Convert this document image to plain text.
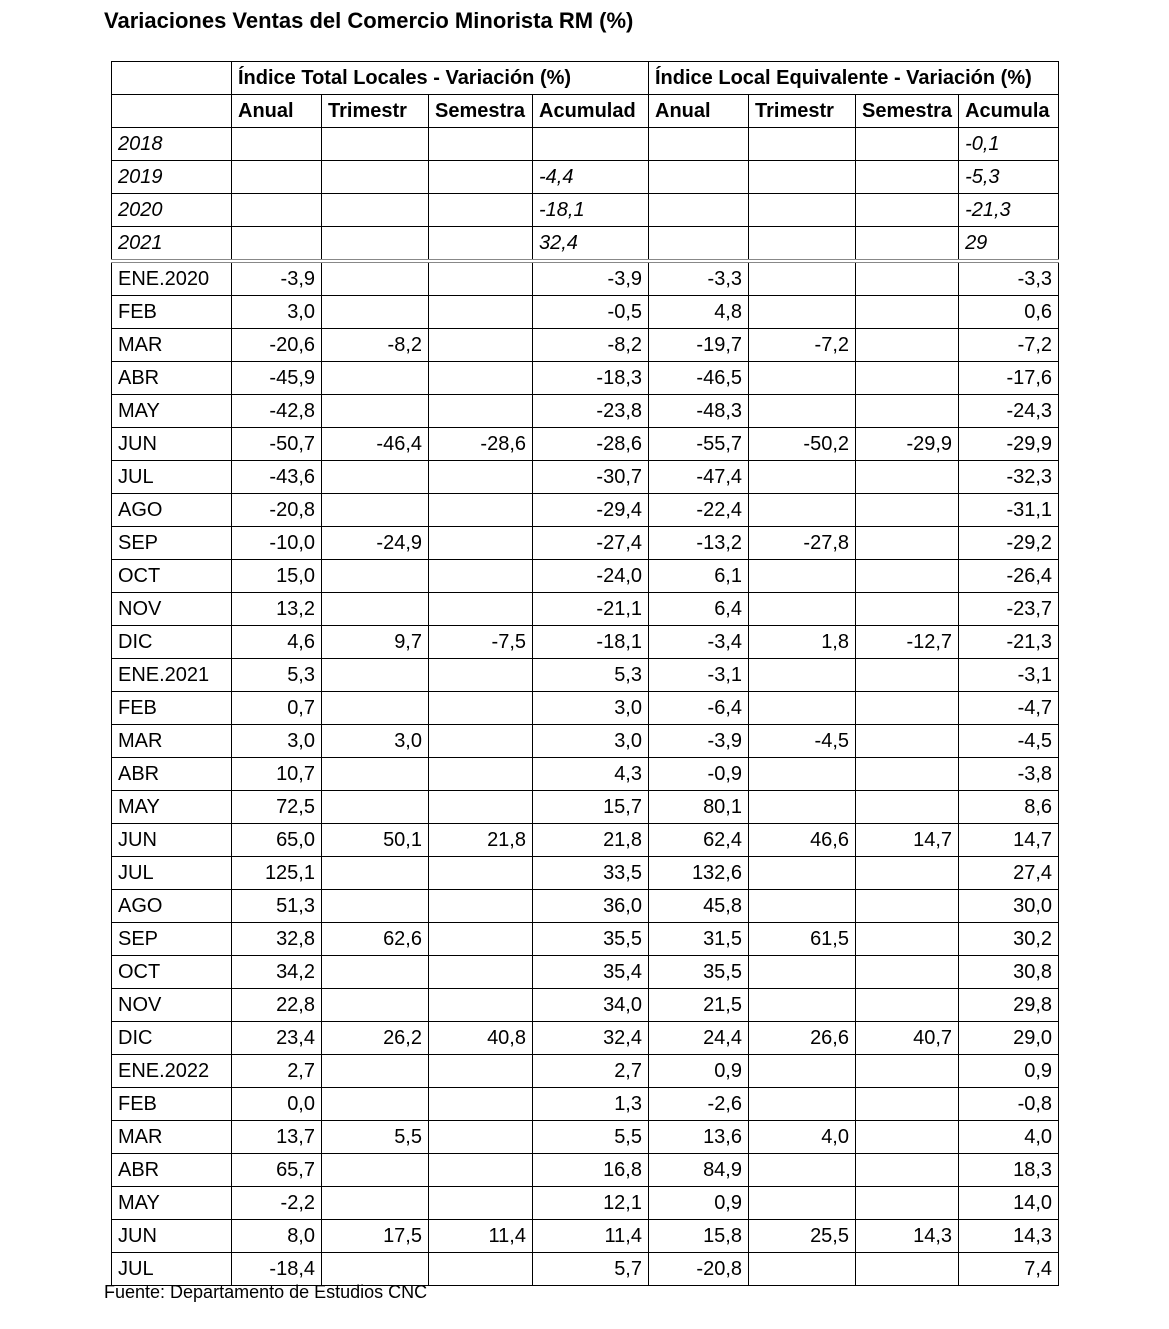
Variaciones Ventas del Comercio Minorista RM (%)
	Índice Total Locales - Variación (%)				Índice Local Equivalente - Variación (%)			
	Anual	Trimestr	Semestra	Acumulad	Anual	Trimestr	Semestra	Acumula
2018								-0,1
2019				-4,4				-5,3
2020				-18,1				-21,3
2021				32,4				29
ENE.2020	-3,9			-3,9	-3,3			-3,3
FEB	3,0			-0,5	4,8			0,6
MAR	-20,6	-8,2		-8,2	-19,7	-7,2		-7,2
ABR	-45,9			-18,3	-46,5			-17,6
MAY	-42,8			-23,8	-48,3			-24,3
JUN	-50,7	-46,4	-28,6	-28,6	-55,7	-50,2	-29,9	-29,9
JUL	-43,6			-30,7	-47,4			-32,3
AGO	-20,8			-29,4	-22,4			-31,1
SEP	-10,0	-24,9		-27,4	-13,2	-27,8		-29,2
OCT	15,0			-24,0	6,1			-26,4
NOV	13,2			-21,1	6,4			-23,7
DIC	4,6	9,7	-7,5	-18,1	-3,4	1,8	-12,7	-21,3
ENE.2021	5,3			5,3	-3,1			-3,1
FEB	0,7			3,0	-6,4			-4,7
MAR	3,0	3,0		3,0	-3,9	-4,5		-4,5
ABR	10,7			4,3	-0,9			-3,8
MAY	72,5			15,7	80,1			8,6
JUN	65,0	50,1	21,8	21,8	62,4	46,6	14,7	14,7
JUL	125,1			33,5	132,6			27,4
AGO	51,3			36,0	45,8			30,0
SEP	32,8	62,6		35,5	31,5	61,5		30,2
OCT	34,2			35,4	35,5			30,8
NOV	22,8			34,0	21,5			29,8
DIC	23,4	26,2	40,8	32,4	24,4	26,6	40,7	29,0
ENE.2022	2,7			2,7	0,9			0,9
FEB	0,0			1,3	-2,6			-0,8
MAR	13,7	5,5		5,5	13,6	4,0		4,0
ABR	65,7			16,8	84,9			18,3
MAY	-2,2			12,1	0,9			14,0
JUN	8,0	17,5	11,4	11,4	15,8	25,5	14,3	14,3
JUL	-18,4			5,7	-20,8			7,4
Fuente: Departamento de Estudios CNC
